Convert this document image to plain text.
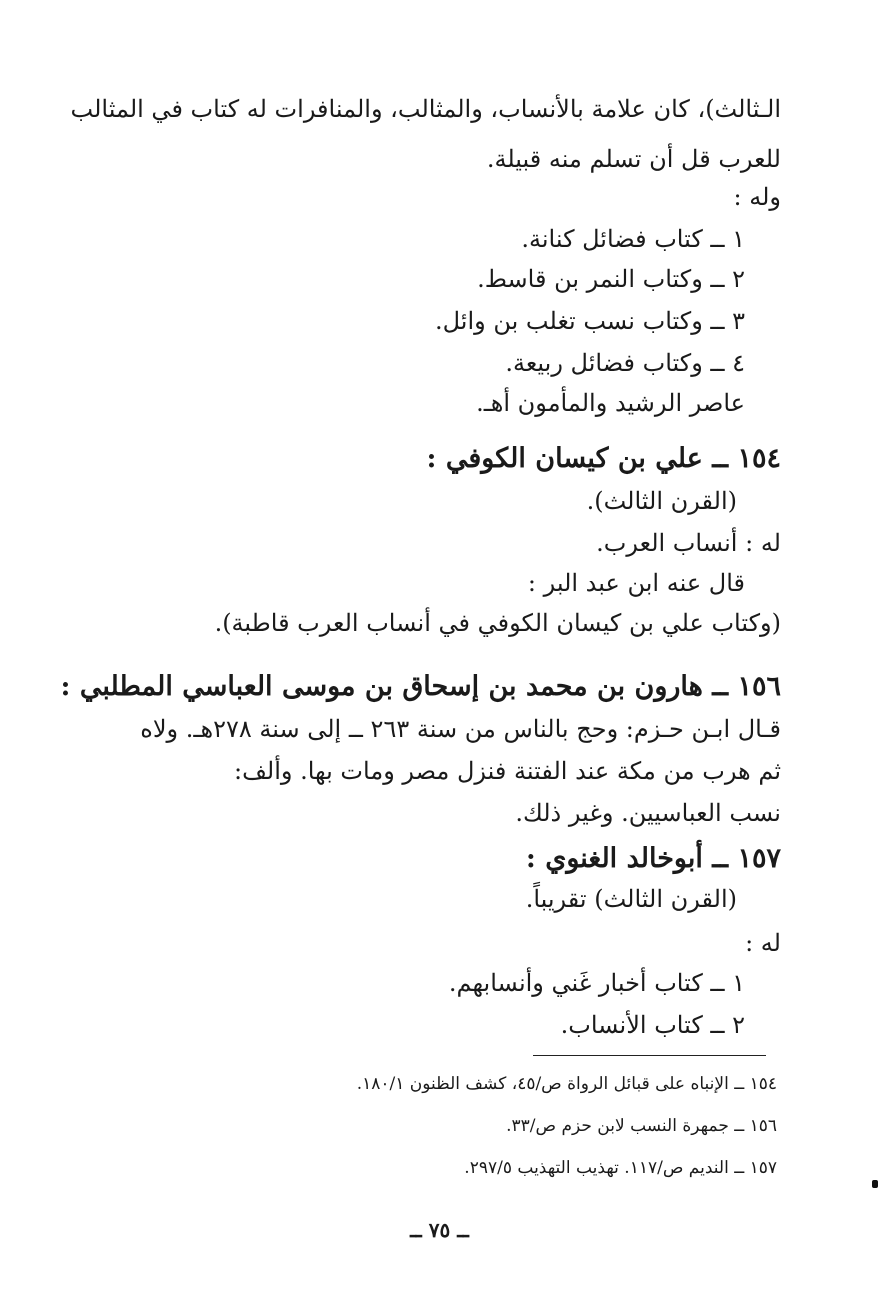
الـثالث)، كان علامة بالأنساب، والمثالب، والمنافرات له كتاب في المثالب
للعرب قل أن تسلم منه قبيلة.
وله :
١ ــ كتاب فضائل كنانة.
٢ ــ وكتاب النمر بن قاسط.
٣ ــ وكتاب نسب تغلب بن وائل.
٤ ــ وكتاب فضائل ربيعة.
عاصر الرشيد والمأمون أهـ.
١٥٤ ــ علي بن كيسان الكوفي :
(القرن الثالث).
له : أنساب العرب.
قال عنه ابن عبد البر :
(وكتاب علي بن كيسان الكوفي في أنساب العرب قاطبة).
١٥٦ ــ هارون بن محمد بن إسحاق بن موسى العباسي المطلبي :
قـال ابـن حـزم: وحج بالناس من سنة ٢٦٣ ــ إلى سنة ٢٧٨هـ. ولاه
ثم هرب من مكة عند الفتنة فنزل مصر ومات بها. وألف:
نسب العباسيين. وغير ذلك.
١٥٧ ــ أبوخالد الغنوي :
(القرن الثالث) تقريباً.
له :
١ ــ كتاب أخبار غَني وأنسابهم.
٢ ــ كتاب الأنساب.
١٥٤ ــ الإنباه على قبائل الرواة ص/٤٥، كشف الظنون ١٨٠/١.
١٥٦ ــ جمهرة النسب لابن حزم ص/٣٣.
١٥٧ ــ النديم ص/١١٧. تهذيب التهذيب ٢٩٧/٥.
ــ ٧٥ ــ
